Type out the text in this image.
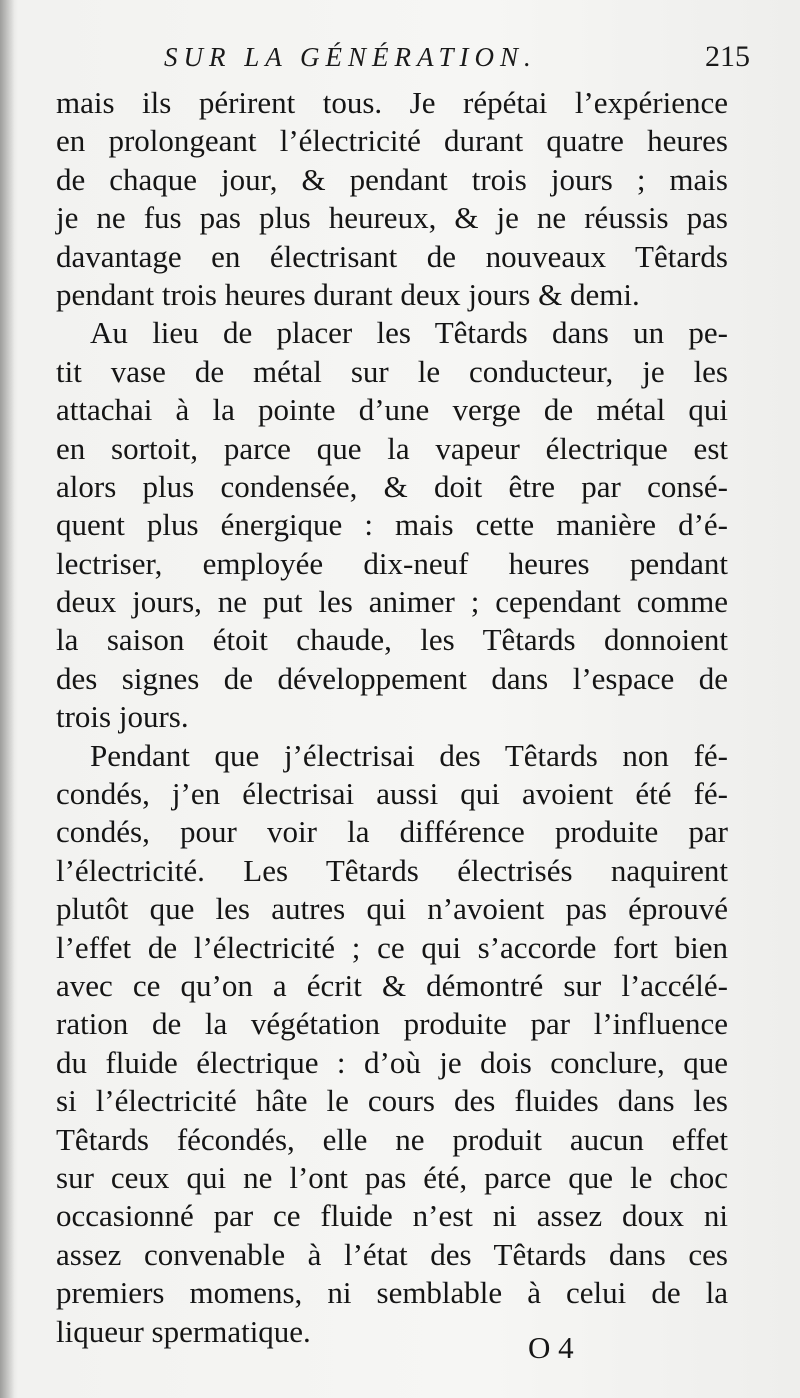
SUR LA GÉNÉRATION.	215
mais ils périrent tous. Je répétai l’expérience
en prolongeant l’électricité durant quatre heures
de chaque jour, & pendant trois jours ; mais
je ne fus pas plus heureux, & je ne réussis pas
davantage en électrisant de nouveaux Têtards
pendant trois heures durant deux jours & demi.
Au lieu de placer les Têtards dans un pe-
tit vase de métal sur le conducteur, je les
attachai à la pointe d’une verge de métal qui
en sortoit, parce que la vapeur électrique est
alors plus condensée, & doit être par consé-
quent plus énergique : mais cette manière d’é-
lectriser, employée dix-neuf heures pendant
deux jours, ne put les animer ; cependant comme
la saison étoit chaude, les Têtards donnoient
des signes de développement dans l’espace de
trois jours.
Pendant que j’électrisai des Têtards non fé-
condés, j’en électrisai aussi qui avoient été fé-
condés, pour voir la différence produite par
l’électricité. Les Têtards électrisés naquirent
plutôt que les autres qui n’avoient pas éprouvé
l’effet de l’électricité ; ce qui s’accorde fort bien
avec ce qu’on a écrit & démontré sur l’accélé-
ration de la végétation produite par l’influence
du fluide électrique : d’où je dois conclure, que
si l’électricité hâte le cours des fluides dans les
Têtards fécondés, elle ne produit aucun effet
sur ceux qui ne l’ont pas été, parce que le choc
occasionné par ce fluide n’est ni assez doux ni
assez convenable à l’état des Têtards dans ces
premiers momens, ni semblable à celui de la
liqueur spermatique.	O 4
